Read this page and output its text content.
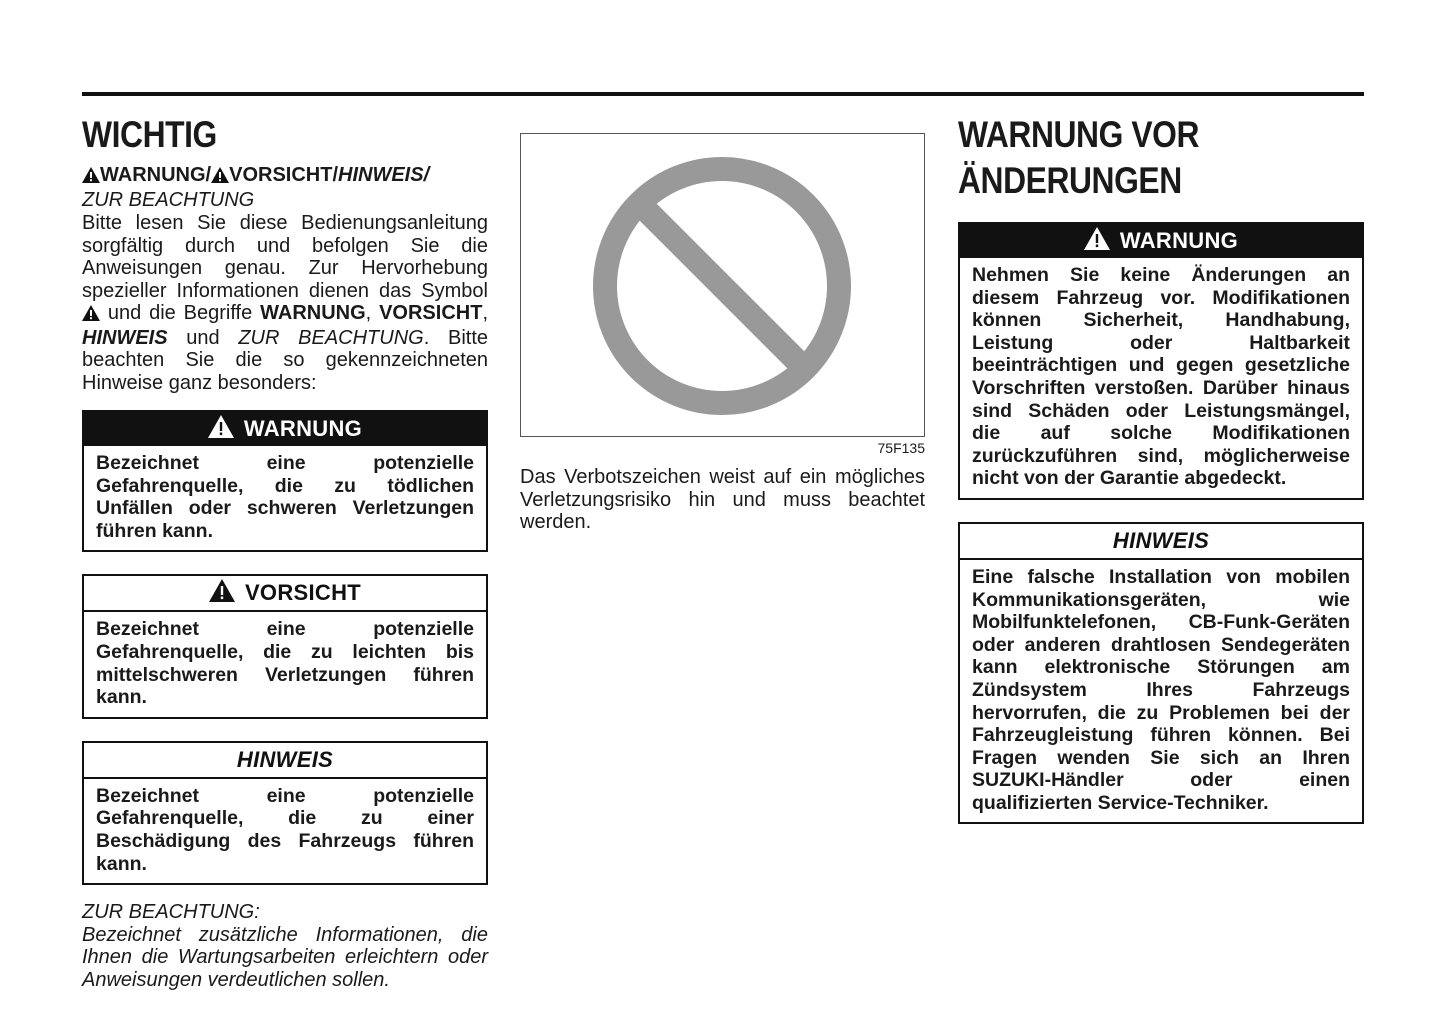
WICHTIG
WARNUNG/ VORSICHT/HINWEIS/
ZUR BEACHTUNG
Bitte lesen Sie diese Bedienungsanleitung sorgfältig durch und befolgen Sie die Anweisungen genau. Zur Hervorhebung spezieller Informationen dienen das Symbol  und die Begriffe WARNUNG, VORSICHT, HINWEIS und ZUR BEACHTUNG. Bitte beachten Sie die so gekennzeichneten Hinweise ganz besonders:
WARNUNG
Bezeichnet eine potenzielle Gefahrenquelle, die zu tödlichen Unfällen oder schweren Verletzungen führen kann.
VORSICHT
Bezeichnet eine potenzielle Gefahrenquelle, die zu leichten bis mittelschweren Verletzungen führen kann.
HINWEIS
Bezeichnet eine potenzielle Gefahrenquelle, die zu einer Beschädigung des Fahrzeugs führen kann.
ZUR BEACHTUNG:
Bezeichnet zusätzliche Informationen, die Ihnen die Wartungsarbeiten erleichtern oder Anweisungen verdeutlichen sollen.
75F135
Das Verbotszeichen weist auf ein mögliches Verletzungsrisiko hin und muss beachtet werden.
WARNUNG VOR
ÄNDERUNGEN
WARNUNG
Nehmen Sie keine Änderungen an diesem Fahrzeug vor. Modifikationen können Sicherheit, Handhabung, Leistung oder Haltbarkeit beeinträchtigen und gegen gesetzliche Vorschriften verstoßen. Darüber hinaus sind Schäden oder Leistungsmängel, die auf solche Modifikationen zurückzuführen sind, möglicherweise nicht von der Garantie abgedeckt.
HINWEIS
Eine falsche Installation von mobilen Kommunikationsgeräten, wie Mobilfunktelefonen, CB-Funk-Geräten oder anderen drahtlosen Sendegeräten kann elektronische Störungen am Zündsystem Ihres Fahrzeugs hervorrufen, die zu Problemen bei der Fahrzeugleistung führen können. Bei Fragen wenden Sie sich an Ihren SUZUKI-Händler oder einen qualifizierten Service-Techniker.
